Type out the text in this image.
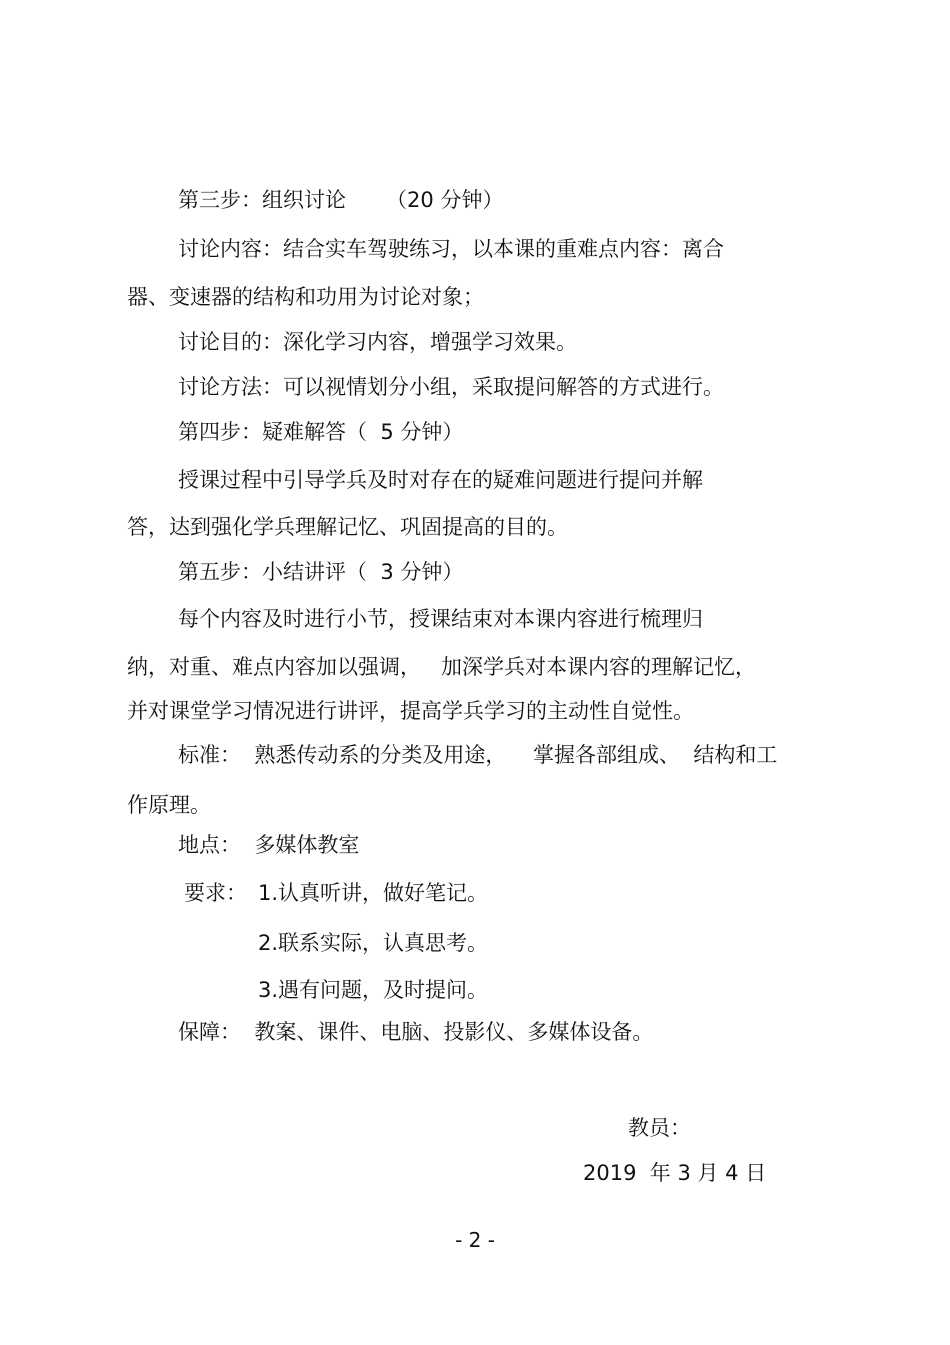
第三步：组织讨论      （20 分钟）
讨论内容：结合实车驾驶练习，以本课的重难点内容：离合
器、变速器的结构和功用为讨论对象；
讨论目的：深化学习内容，增强学习效果。
讨论方法：可以视情划分小组，采取提问解答的方式进行。
第四步：疑难解答（  5 分钟）
授课过程中引导学兵及时对存在的疑难问题进行提问并解
答，达到强化学兵理解记忆、巩固提高的目的。
第五步：小结讲评（  3 分钟）
每个内容及时进行小节，授课结束对本课内容进行梳理归
纳，对重、难点内容加以强调，   加深学兵对本课内容的理解记忆，
并对课堂学习情况进行讲评，提高学兵学习的主动性自觉性。
标准：  熟悉传动系的分类及用途，    掌握各部组成、  结构和工
作原理。
地点：  多媒体教室
要求： 1.认真听讲，做好笔记。
2.联系实际，认真思考。
3.遇有问题，及时提问。
保障：  教案、课件、电脑、投影仪、多媒体设备。
教员：
2019  年 3 月 4 日
- 2 -
